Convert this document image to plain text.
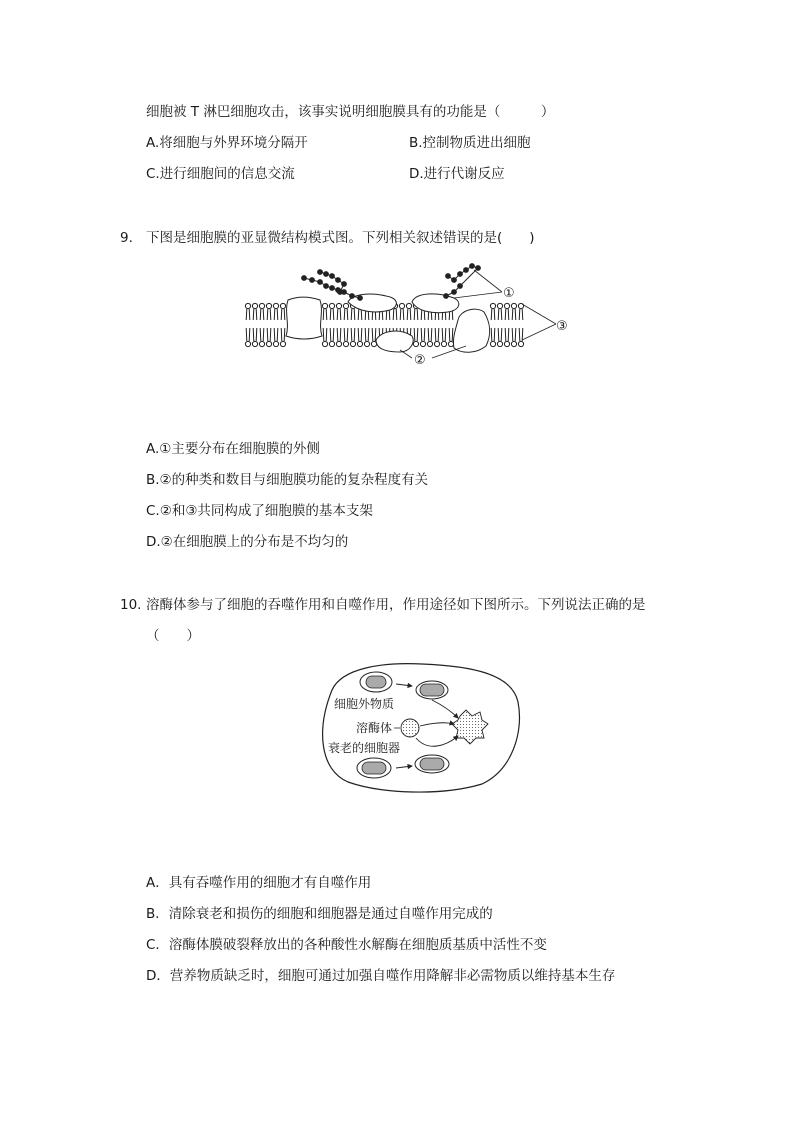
细胞被 T 淋巴细胞攻击，该事实说明细胞膜具有的功能是（　　　）
A.将细胞与外界环境分隔开	B.控制物质进出细胞
C.进行细胞间的信息交流	D.进行代谢反应
9. 下图是细胞膜的亚显微结构模式图。下列相关叙述错误的是(　　)
①
②
③
A.①主要分布在细胞膜的外侧
B.②的种类和数目与细胞膜功能的复杂程度有关
C.②和③共同构成了细胞膜的基本支架
D.②在细胞膜上的分布是不均匀的
10. 溶酶体参与了细胞的吞噬作用和自噬作用，作用途径如下图所示。下列说法正确的是
（　　）
细胞外物质
溶酶体
衰老的细胞器
A．具有吞噬作用的细胞才有自噬作用
B．清除衰老和损伤的细胞和细胞器是通过自噬作用完成的
C．溶酶体膜破裂释放出的各种酸性水解酶在细胞质基质中活性不变
D．营养物质缺乏时，细胞可通过加强自噬作用降解非必需物质以维持基本生存
